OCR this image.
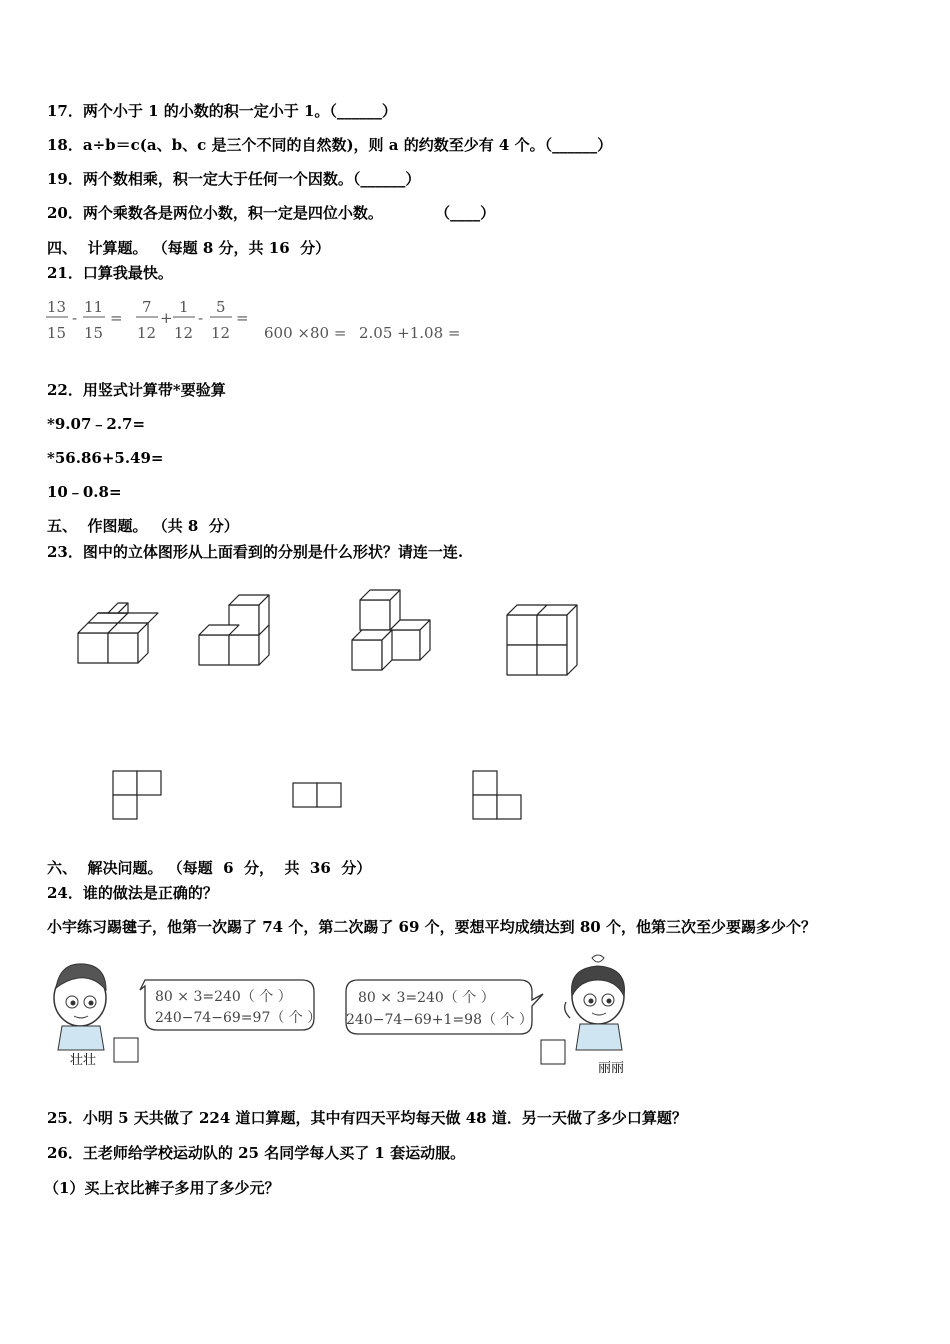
17．两个小于 1 的小数的积一定小于 1。（______）
18．a÷b＝c(a、b、c 是三个不同的自然数)，则 a 的约数至少有 4 个。（______）
19．两个数相乘，积一定大于任何一个因数。（______）
20．两个乘数各是两位小数，积一定是四位小数。          （____）
四、  计算题。 （每题 8 分，共 16  分）
21．口算我最快。
13
15
-
11
15
=
7
12
+
1
12
-
5
12
=
600 ×80 = 2.05 +1.08 =
22．用竖式计算带*要验算
*9.07﹣2.7=
*56.86+5.49=
10﹣0.8=
五、  作图题。 （共 8  分）
23．图中的立体图形从上面看到的分别是什么形状？请连一连.
六、  解决问题。 （每题  6  分，  共  36  分）
24．谁的做法是正确的？
小宇练习踢毽子，他第一次踢了 74 个，第二次踢了 69 个，要想平均成绩达到 80 个，他第三次至少要踢多少个？
壮壮
80 × 3=240（ 个 ）
240−74−69=97（ 个 ）
80 × 3=240（ 个 ）
240−74−69+1=98（ 个 ）
丽丽
25．小明 5 天共做了 224 道口算题，其中有四天平均每天做 48 道．另一天做了多少口算题？
26．王老师给学校运动队的 25 名同学每人买了 1 套运动服。
（1）买上衣比裤子多用了多少元？
